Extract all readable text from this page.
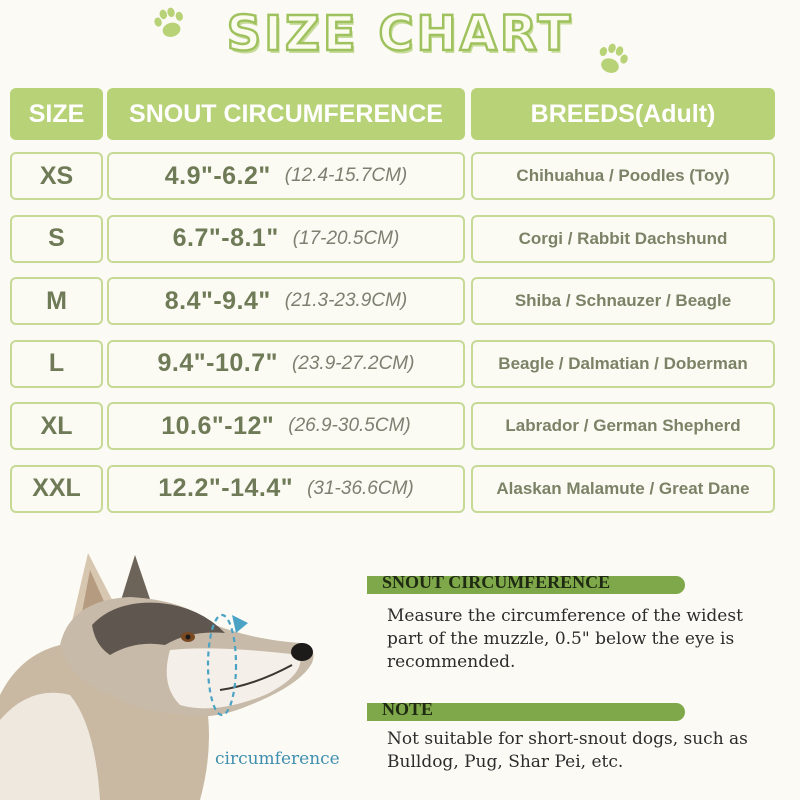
SIZE CHART
SIZE	SNOUT CIRCUMFERENCE	BREEDS(Adult)
XS	4.9"-6.2" (12.4-15.7CM)	Chihuahua / Poodles (Toy)
S	6.7"-8.1" (17-20.5CM)	Corgi / Rabbit Dachshund
M	8.4"-9.4" (21.3-23.9CM)	Shiba / Schnauzer / Beagle
L	9.4"-10.7" (23.9-27.2CM)	Beagle / Dalmatian / Doberman
XL	10.6"-12" (26.9-30.5CM)	Labrador / German Shepherd
XXL	12.2"-14.4" (31-36.6CM)	Alaskan Malamute / Great Dane
circumference
SNOUT CIRCUMFERENCE
Measure the circumference of the widest
part of the muzzle, 0.5" below the eye is
recommended.
NOTE
Not suitable for short-snout dogs, such as
Bulldog, Pug, Shar Pei, etc.
